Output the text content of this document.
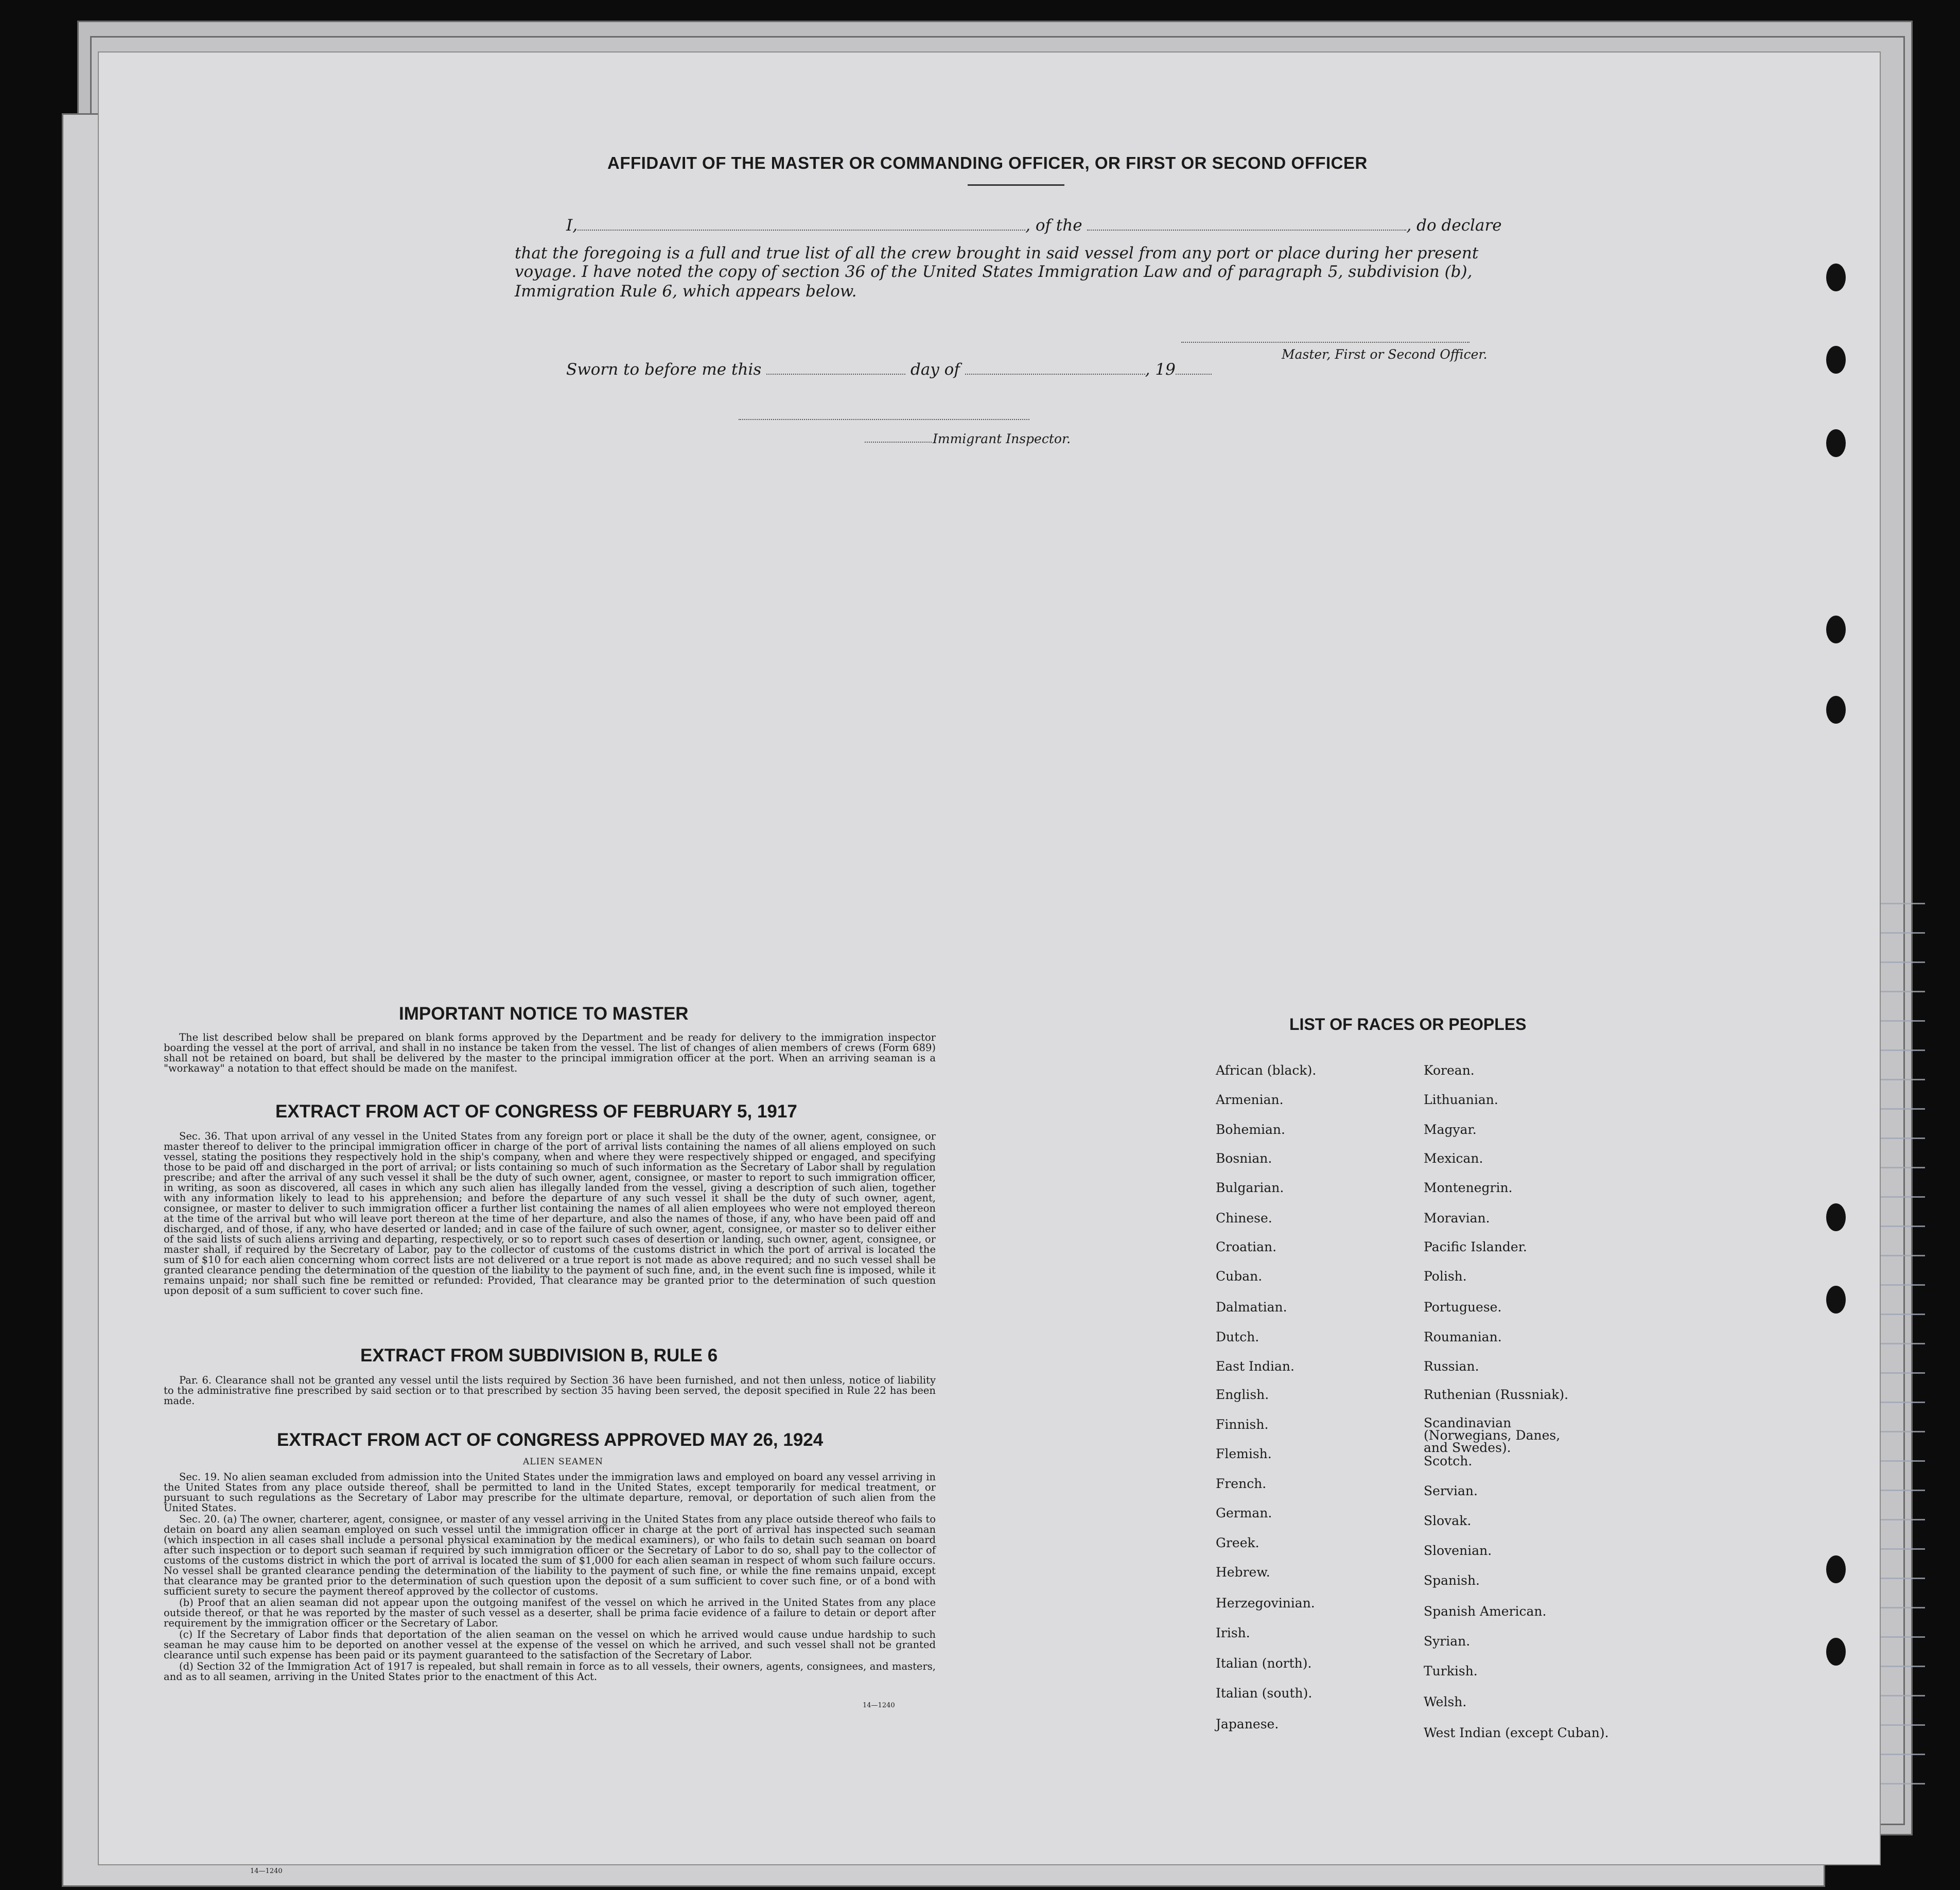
AFFIDAVIT OF THE MASTER OR COMMANDING OFFICER, OR FIRST OR SECOND OFFICER
I,	, of the	, do declare
that the foregoing is a full and true list of all the crew brought in said vessel from any port or place during her present
voyage. I have noted the copy of section 36 of the United States Immigration Law and of paragraph 5, subdivision (b),
Immigration Rule 6, which appears below.
Master, First or Second Officer.
Sworn to before me this	day of	, 19
Immigrant Inspector.
IMPORTANT NOTICE TO MASTER

The list described below shall be prepared on blank forms approved by the Department and be ready for delivery to the immigration inspector boarding the vessel at the port of arrival, and shall in no instance be taken from the vessel. The list of changes of alien members of crews (Form 689) shall not be retained on board, but shall be delivered by the master to the principal immigration officer at the port. When an arriving seaman is a "workaway" a notation to that effect should be made on the manifest.

EXTRACT FROM ACT OF CONGRESS OF FEBRUARY 5, 1917

Sec. 36. That upon arrival of any vessel in the United States from any foreign port or place it shall be the duty of the owner, agent, consignee, or master thereof to deliver to the principal immigration officer in charge of the port of arrival lists containing the names of all aliens employed on such vessel, stating the positions they respectively hold in the ship's company, when and where they were respectively shipped or engaged, and specifying those to be paid off and discharged in the port of arrival; or lists containing so much of such information as the Secretary of Labor shall by regulation prescribe; and after the arrival of any such vessel it shall be the duty of such owner, agent, consignee, or master to report to such immigration officer, in writing, as soon as discovered, all cases in which any such alien has illegally landed from the vessel, giving a description of such alien, together with any information likely to lead to his apprehension; and before the departure of any such vessel it shall be the duty of such owner, agent, consignee, or master to deliver to such immigration officer a further list containing the names of all alien employees who were not employed thereon at the time of the arrival but who will leave port thereon at the time of her departure, and also the names of those, if any, who have been paid off and discharged, and of those, if any, who have deserted or landed; and in case of the failure of such owner, agent, consignee, or master so to deliver either of the said lists of such aliens arriving and departing, respectively, or so to report such cases of desertion or landing, such owner, agent, consignee, or master shall, if required by the Secretary of Labor, pay to the collector of customs of the customs district in which the port of arrival is located the sum of $10 for each alien concerning whom correct lists are not delivered or a true report is not made as above required; and no such vessel shall be granted clearance pending the determination of the question of the liability to the payment of such fine, and, in the event such fine is imposed, while it remains unpaid; nor shall such fine be remitted or refunded: Provided, That clearance may be granted prior to the determination of such question upon deposit of a sum sufficient to cover such fine.

EXTRACT FROM SUBDIVISION B, RULE 6

Par. 6. Clearance shall not be granted any vessel until the lists required by Section 36 have been furnished, and not then unless, notice of liability to the administrative fine prescribed by said section or to that prescribed by section 35 having been served, the deposit specified in Rule 22 has been made.

EXTRACT FROM ACT OF CONGRESS APPROVED MAY 26, 1924
ALIEN SEAMEN

Sec. 19. No alien seaman excluded from admission into the United States under the immigration laws and employed on board any vessel arriving in the United States from any place outside thereof, shall be permitted to land in the United States, except temporarily for medical treatment, or pursuant to such regulations as the Secretary of Labor may prescribe for the ultimate departure, removal, or deportation of such alien from the United States.

Sec. 20. (a) The owner, charterer, agent, consignee, or master of any vessel arriving in the United States from any place outside thereof who fails to detain on board any alien seaman employed on such vessel until the immigration officer in charge at the port of arrival has inspected such seaman (which inspection in all cases shall include a personal physical examination by the medical examiners), or who fails to detain such seaman on board after such inspection or to deport such seaman if required by such immigration officer or the Secretary of Labor to do so, shall pay to the collector of customs of the customs district in which the port of arrival is located the sum of $1,000 for each alien seaman in respect of whom such failure occurs. No vessel shall be granted clearance pending the determination of the liability to the payment of such fine, or while the fine remains unpaid, except that clearance may be granted prior to the determination of such question upon the deposit of a sum sufficient to cover such fine, or of a bond with sufficient surety to secure the payment thereof approved by the collector of customs.

(b) Proof that an alien seaman did not appear upon the outgoing manifest of the vessel on which he arrived in the United States from any place outside thereof, or that he was reported by the master of such vessel as a deserter, shall be prima facie evidence of a failure to detain or deport after requirement by the immigration officer or the Secretary of Labor.

(c) If the Secretary of Labor finds that deportation of the alien seaman on the vessel on which he arrived would cause undue hardship to such seaman he may cause him to be deported on another vessel at the expense of the vessel on which he arrived, and such vessel shall not be granted clearance until such expense has been paid or its payment guaranteed to the satisfaction of the Secretary of Labor.

(d) Section 32 of the Immigration Act of 1917 is repealed, but shall remain in force as to all vessels, their owners, agents, consignees, and masters, and as to all seamen, arriving in the United States prior to the enactment of this Act.

14—1240
14—1240
LIST OF RACES OR PEOPLES
African (black).
Armenian.
Bohemian.
Bosnian.
Bulgarian.
Chinese.
Croatian.
Cuban.
Dalmatian.
Dutch.
East Indian.
English.
Finnish.
Flemish.
French.
German.
Greek.
Hebrew.
Herzegovinian.
Irish.
Italian (north).
Italian (south).
Japanese.
Korean.
Lithuanian.
Magyar.
Mexican.
Montenegrin.
Moravian.
Pacific Islander.
Polish.
Portuguese.
Roumanian.
Russian.
Ruthenian (Russniak).
Scandinavian (Norwegians, Danes, and Swedes).
Scotch.
Servian.
Slovak.
Slovenian.
Spanish.
Spanish American.
Syrian.
Turkish.
Welsh.
West Indian (except Cuban).
